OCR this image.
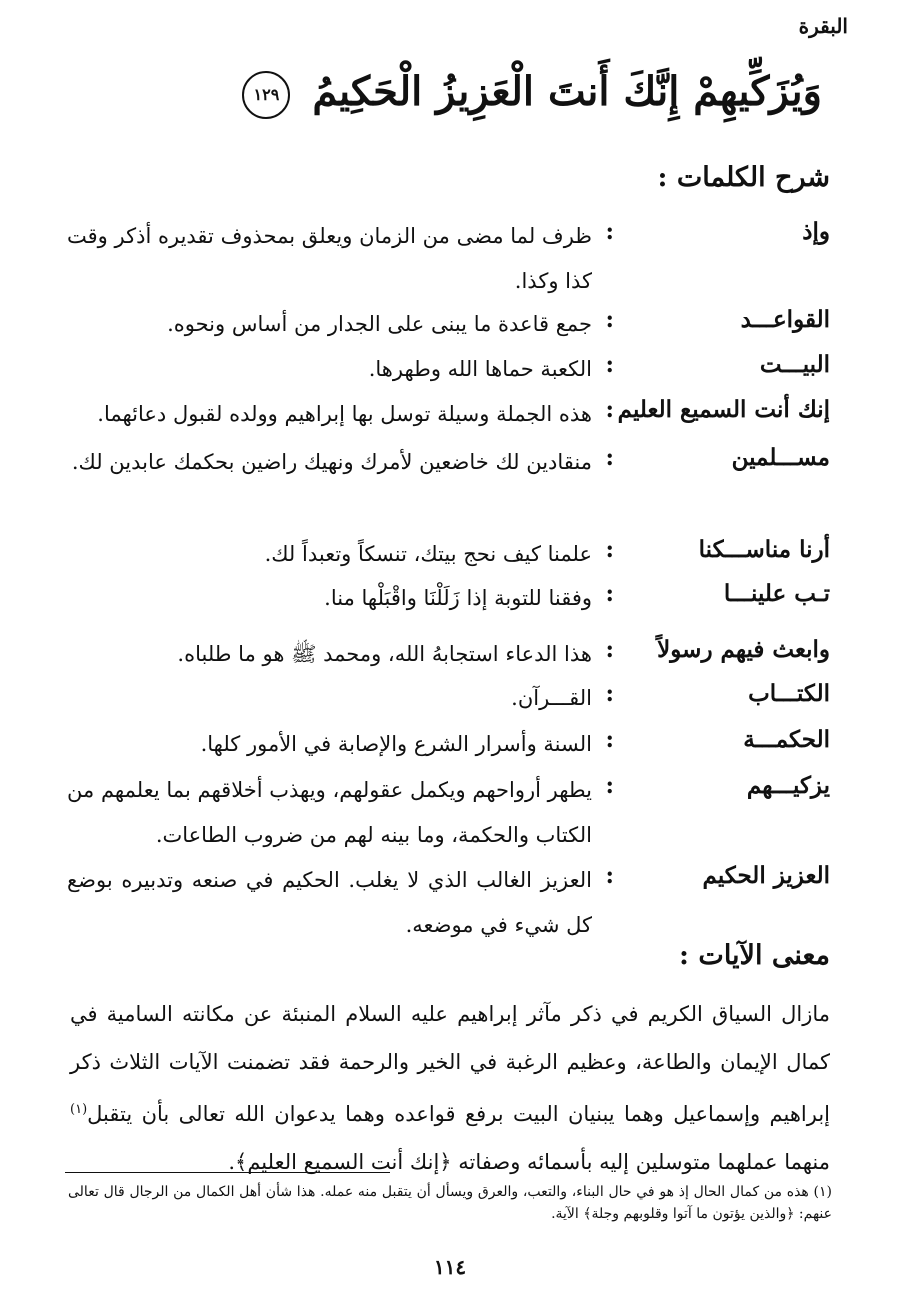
البقرة
وَيُزَكِّيهِمْ إِنَّكَ أَنتَ الْعَزِيزُ الْحَكِيمُ ١٢٩
شرح الكلمات :
وإذ
:
ظرف لما مضى من الزمان ويعلق بمحذوف تقديره أذكر وقت كذا وكذا.
القواعـــد
:
جمع قاعدة ما يبنى على الجدار من أساس ونحوه.
البيـــت
:
الكعبة حماها الله وطهرها.
إنك أنت السميع العليم
:
هذه الجملة وسيلة توسل بها إبراهيم وولده لقبول دعائهما.
مســـلمين
:
منقادين لك خاضعين لأمرك ونهيك راضين بحكمك عابدين لك.
أرنا مناســـكنا
:
علمنا كيف نحج بيتك، تنسكاً وتعبداً لك.
تـب علينـــا
:
وفقنا للتوبة إذا زَلَلْنَا واقْبَلْها منا.
وابعث فيهم رسولاً
:
هذا الدعاء استجابهُ الله، ومحمد ﷺ هو ما طلباه.
الكتـــاب
:
القـــرآن.
الحكمـــة
:
السنة وأسرار الشرع والإصابة في الأمور كلها.
يزكيـــهم
:
يطهر أرواحهم ويكمل عقولهم، ويهذب أخلاقهم بما يعلمهم من الكتاب والحكمة، وما بينه لهم من ضروب الطاعات.
العزيز الحكيم
:
العزيز الغالب الذي لا يغلب. الحكيم في صنعه وتدبيره بوضع كل شيء في موضعه.
معنى الآيات :
مازال السياق الكريم في ذكر مآثر إبراهيم عليه السلام المنبئة عن مكانته السامية في كمال الإيمان والطاعة، وعظيم الرغبة في الخير والرحمة فقد تضمنت الآيات الثلاث ذكر إبراهيم وإسماعيل وهما يبنيان البيت برفع قواعده وهما يدعوان الله تعالى بأن يتقبل$^{(١)}$ منهما عملهما متوسلين إليه بأسمائه وصفاته ﴿إنك أنت السميع العليم﴾.
(١) هذه من كمال الحال إذ هو في حال البناء، والتعب، والعرق ويسأل أن يتقبل منه عمله. هذا شأن أهل الكمال من الرجال قال تعالى عنهم: ﴿والذين يؤتون ما آتوا وقلوبهم وجلة﴾ الآية.
١١٤
